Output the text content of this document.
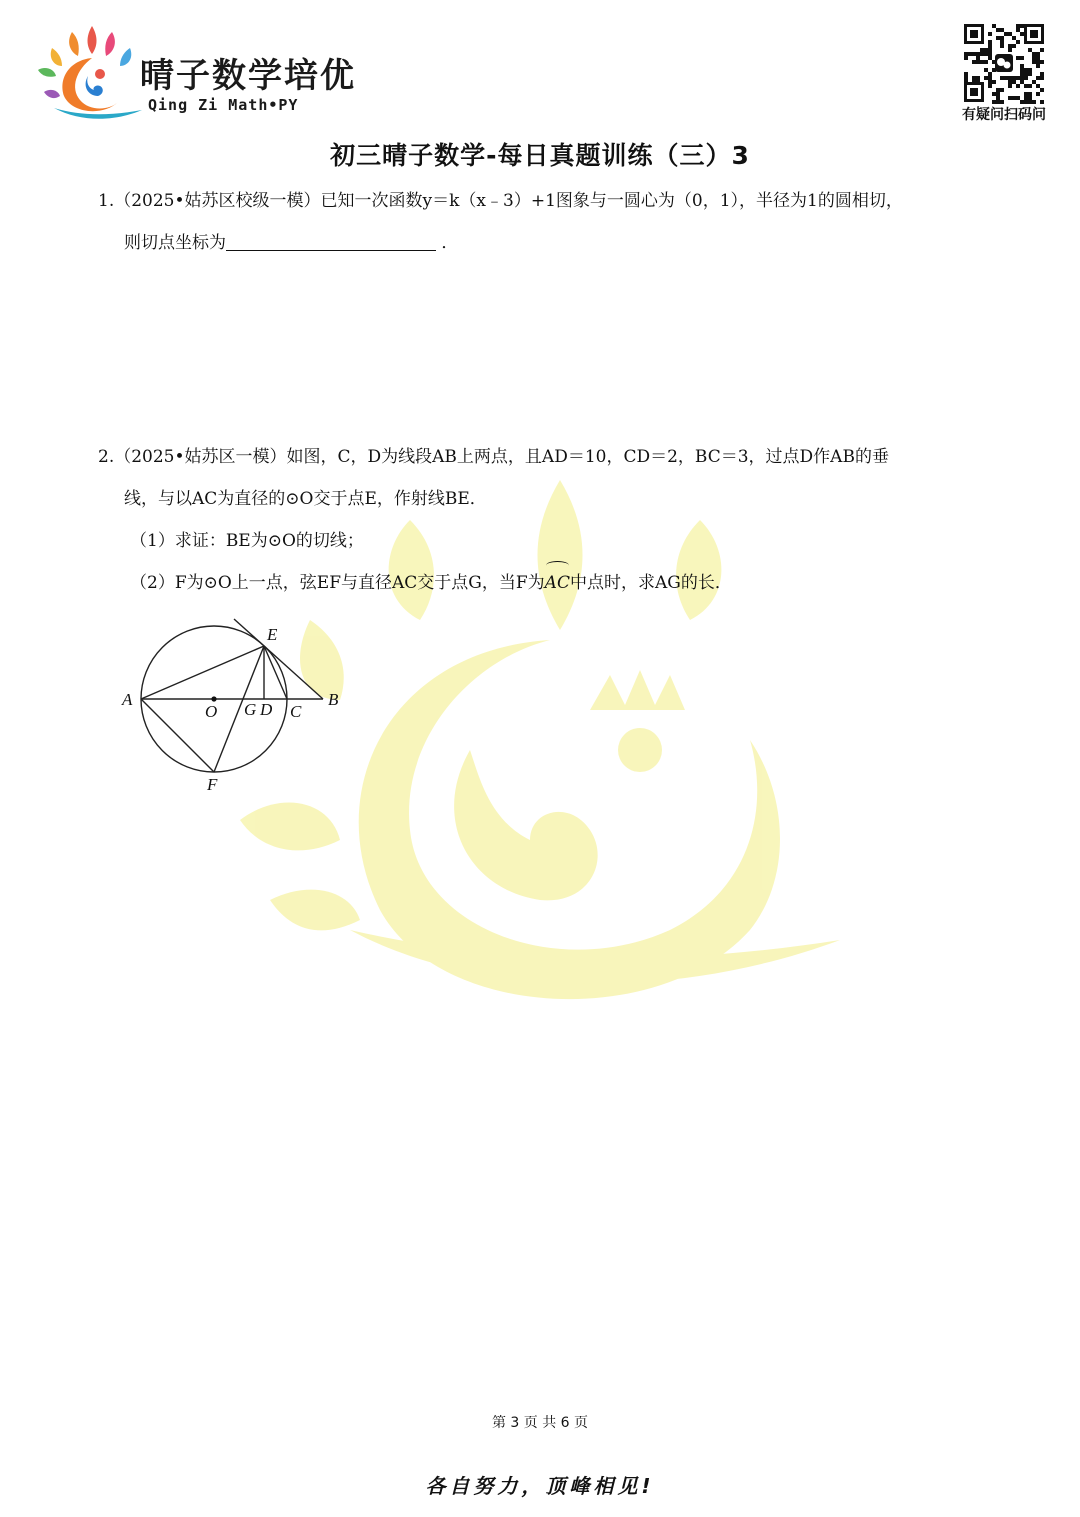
晴子数学培优
Qing Zi Math•PY
有疑问扫码问
初三晴子数学-每日真题训练（三）3
1.（2025•姑苏区校级一模）已知一次函数y＝k（x﹣3）+1图象与一圆心为（0，1），半径为1的圆相切，
则切点坐标为	．
2.（2025•姑苏区一模）如图，C，D为线段AB上两点，且AD＝10，CD＝2，BC＝3，过点D作AB的垂
线，与以AC为直径的⊙O交于点E，作射线BE．
（1）求证：BE为⊙O的切线；
（2）F为⊙O上一点，弦EF与直径AC交于点G，当F为AC中点时，求AG的长．
A
O G D C
B
E
F
第 3 页 共 6 页
各自努力，顶峰相见!
